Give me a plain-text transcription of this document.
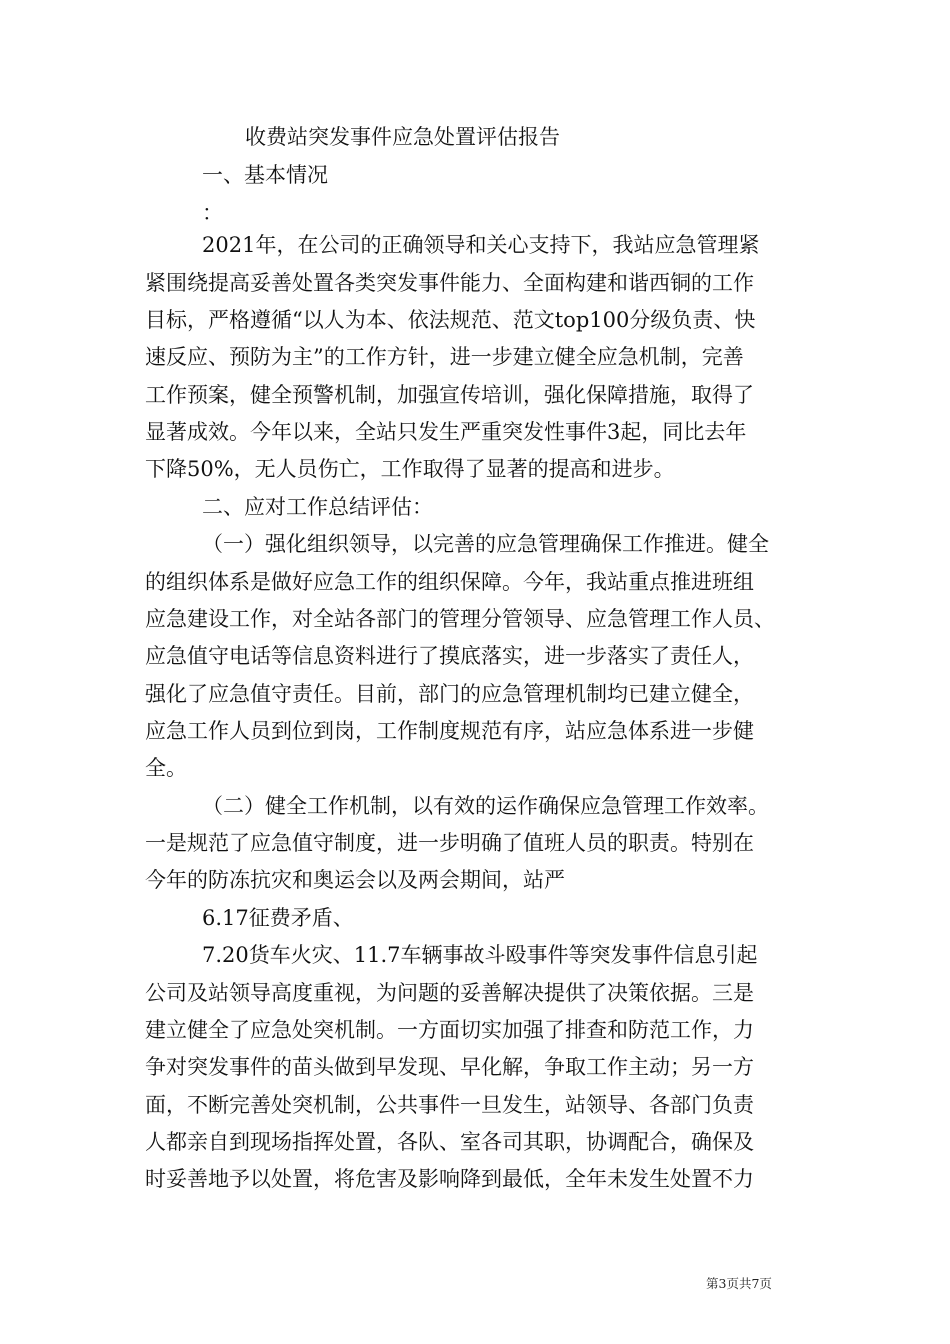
收费站突发事件应急处置评估报告
一、基本情况
：
2021年，在公司的正确领导和关心支持下，我站应急管理紧
紧围绕提高妥善处置各类突发事件能力、全面构建和谐西铜的工作
目标，严格遵循“以人为本、依法规范、范文top100分级负责、快
速反应、预防为主”的工作方针，进一步建立健全应急机制，完善
工作预案，健全预警机制，加强宣传培训，强化保障措施，取得了
显著成效。今年以来，全站只发生严重突发性事件3起，同比去年
下降50%，无人员伤亡，工作取得了显著的提高和进步。
二、应对工作总结评估：
（一）强化组织领导，以完善的应急管理确保工作推进。健全
的组织体系是做好应急工作的组织保障。今年，我站重点推进班组
应急建设工作，对全站各部门的管理分管领导、应急管理工作人员、
应急值守电话等信息资料进行了摸底落实，进一步落实了责任人，
强化了应急值守责任。目前，部门的应急管理机制均已建立健全，
应急工作人员到位到岗，工作制度规范有序，站应急体系进一步健
全。
（二）健全工作机制，以有效的运作确保应急管理工作效率。
一是规范了应急值守制度，进一步明确了值班人员的职责。特别在
今年的防冻抗灾和奥运会以及两会期间，站严
6.17征费矛盾、
7.20货车火灾、11.7车辆事故斗殴事件等突发事件信息引起
公司及站领导高度重视，为问题的妥善解决提供了决策依据。三是
建立健全了应急处突机制。一方面切实加强了排查和防范工作，力
争对突发事件的苗头做到早发现、早化解，争取工作主动；另一方
面，不断完善处突机制，公共事件一旦发生，站领导、各部门负责
人都亲自到现场指挥处置，各队、室各司其职，协调配合，确保及
时妥善地予以处置，将危害及影响降到最低，全年未发生处置不力
第3页共7页
